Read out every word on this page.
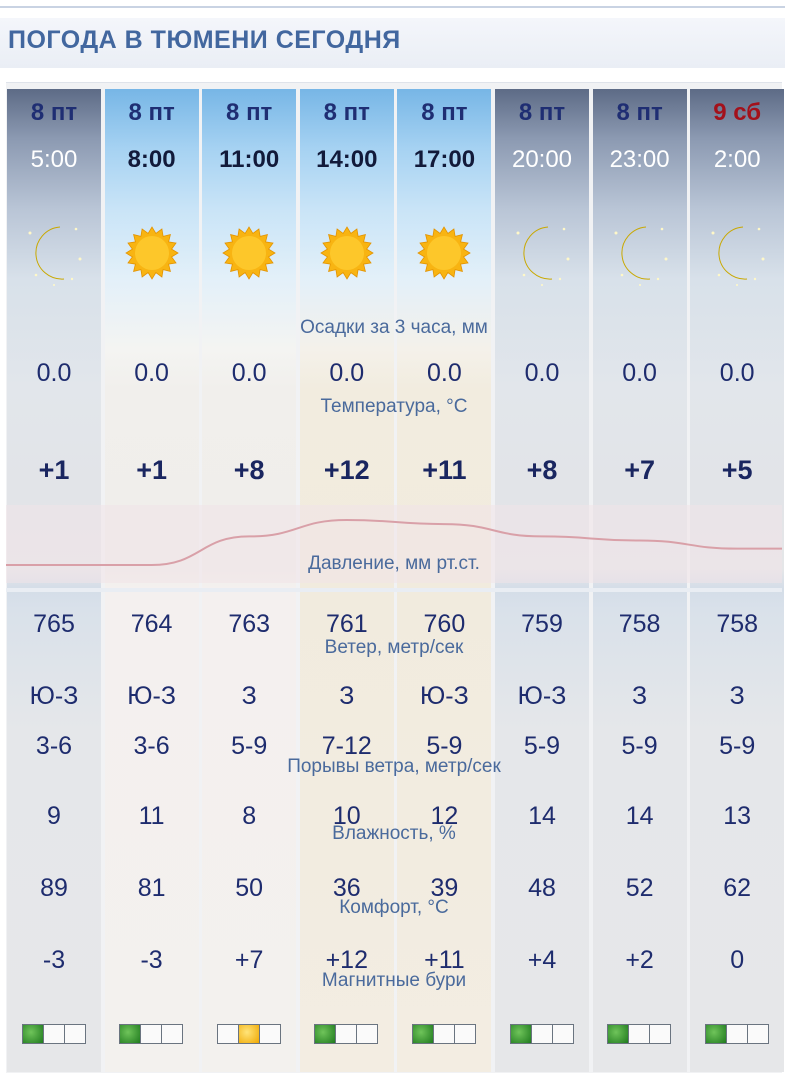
ПОГОДА В ТЮМЕНИ СЕГОДНЯ
8 пт
5:00
0.0
+1
765
Ю-З
3-6
9
89
-3
8 пт
8:00
0.0
+1
764
Ю-З
3-6
11
81
-3
8 пт
11:00
0.0
+8
763
З
5-9
8
50
+7
8 пт
14:00
0.0
+12
761
З
7-12
10
36
+12
8 пт
17:00
0.0
+11
760
Ю-З
5-9
12
39
+11
8 пт
20:00
0.0
+8
759
Ю-З
5-9
14
48
+4
8 пт
23:00
0.0
+7
758
З
5-9
14
52
+2
9 сб
2:00
0.0
+5
758
З
5-9
13
62
0
Осадки за 3 часа, мм
Температура, °С
Давление, мм рт.ст.
Ветер, метр/сек
Порывы ветра, метр/сек
Влажность, %
Комфорт, °С
Магнитные бури
